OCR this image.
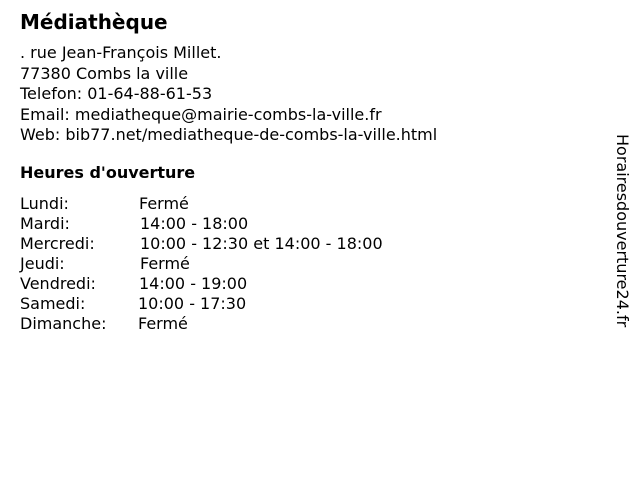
Médiathèque
. rue Jean-François Millet.
77380 Combs la ville
Telefon: 01-64-88-61-53
Email: mediatheque@mairie-combs-la-ville.fr
Web: bib77.net/mediatheque-de-combs-la-ville.html
Heures d'ouverture
Lundi:	Fermé
Mardi:	14:00 - 18:00
Mercredi:	10:00 - 12:30 et 14:00 - 18:00
Jeudi:	Fermé
Vendredi:	14:00 - 19:00
Samedi:	10:00 - 17:30
Dimanche: Fermé	Horairesdouverture24.fr
